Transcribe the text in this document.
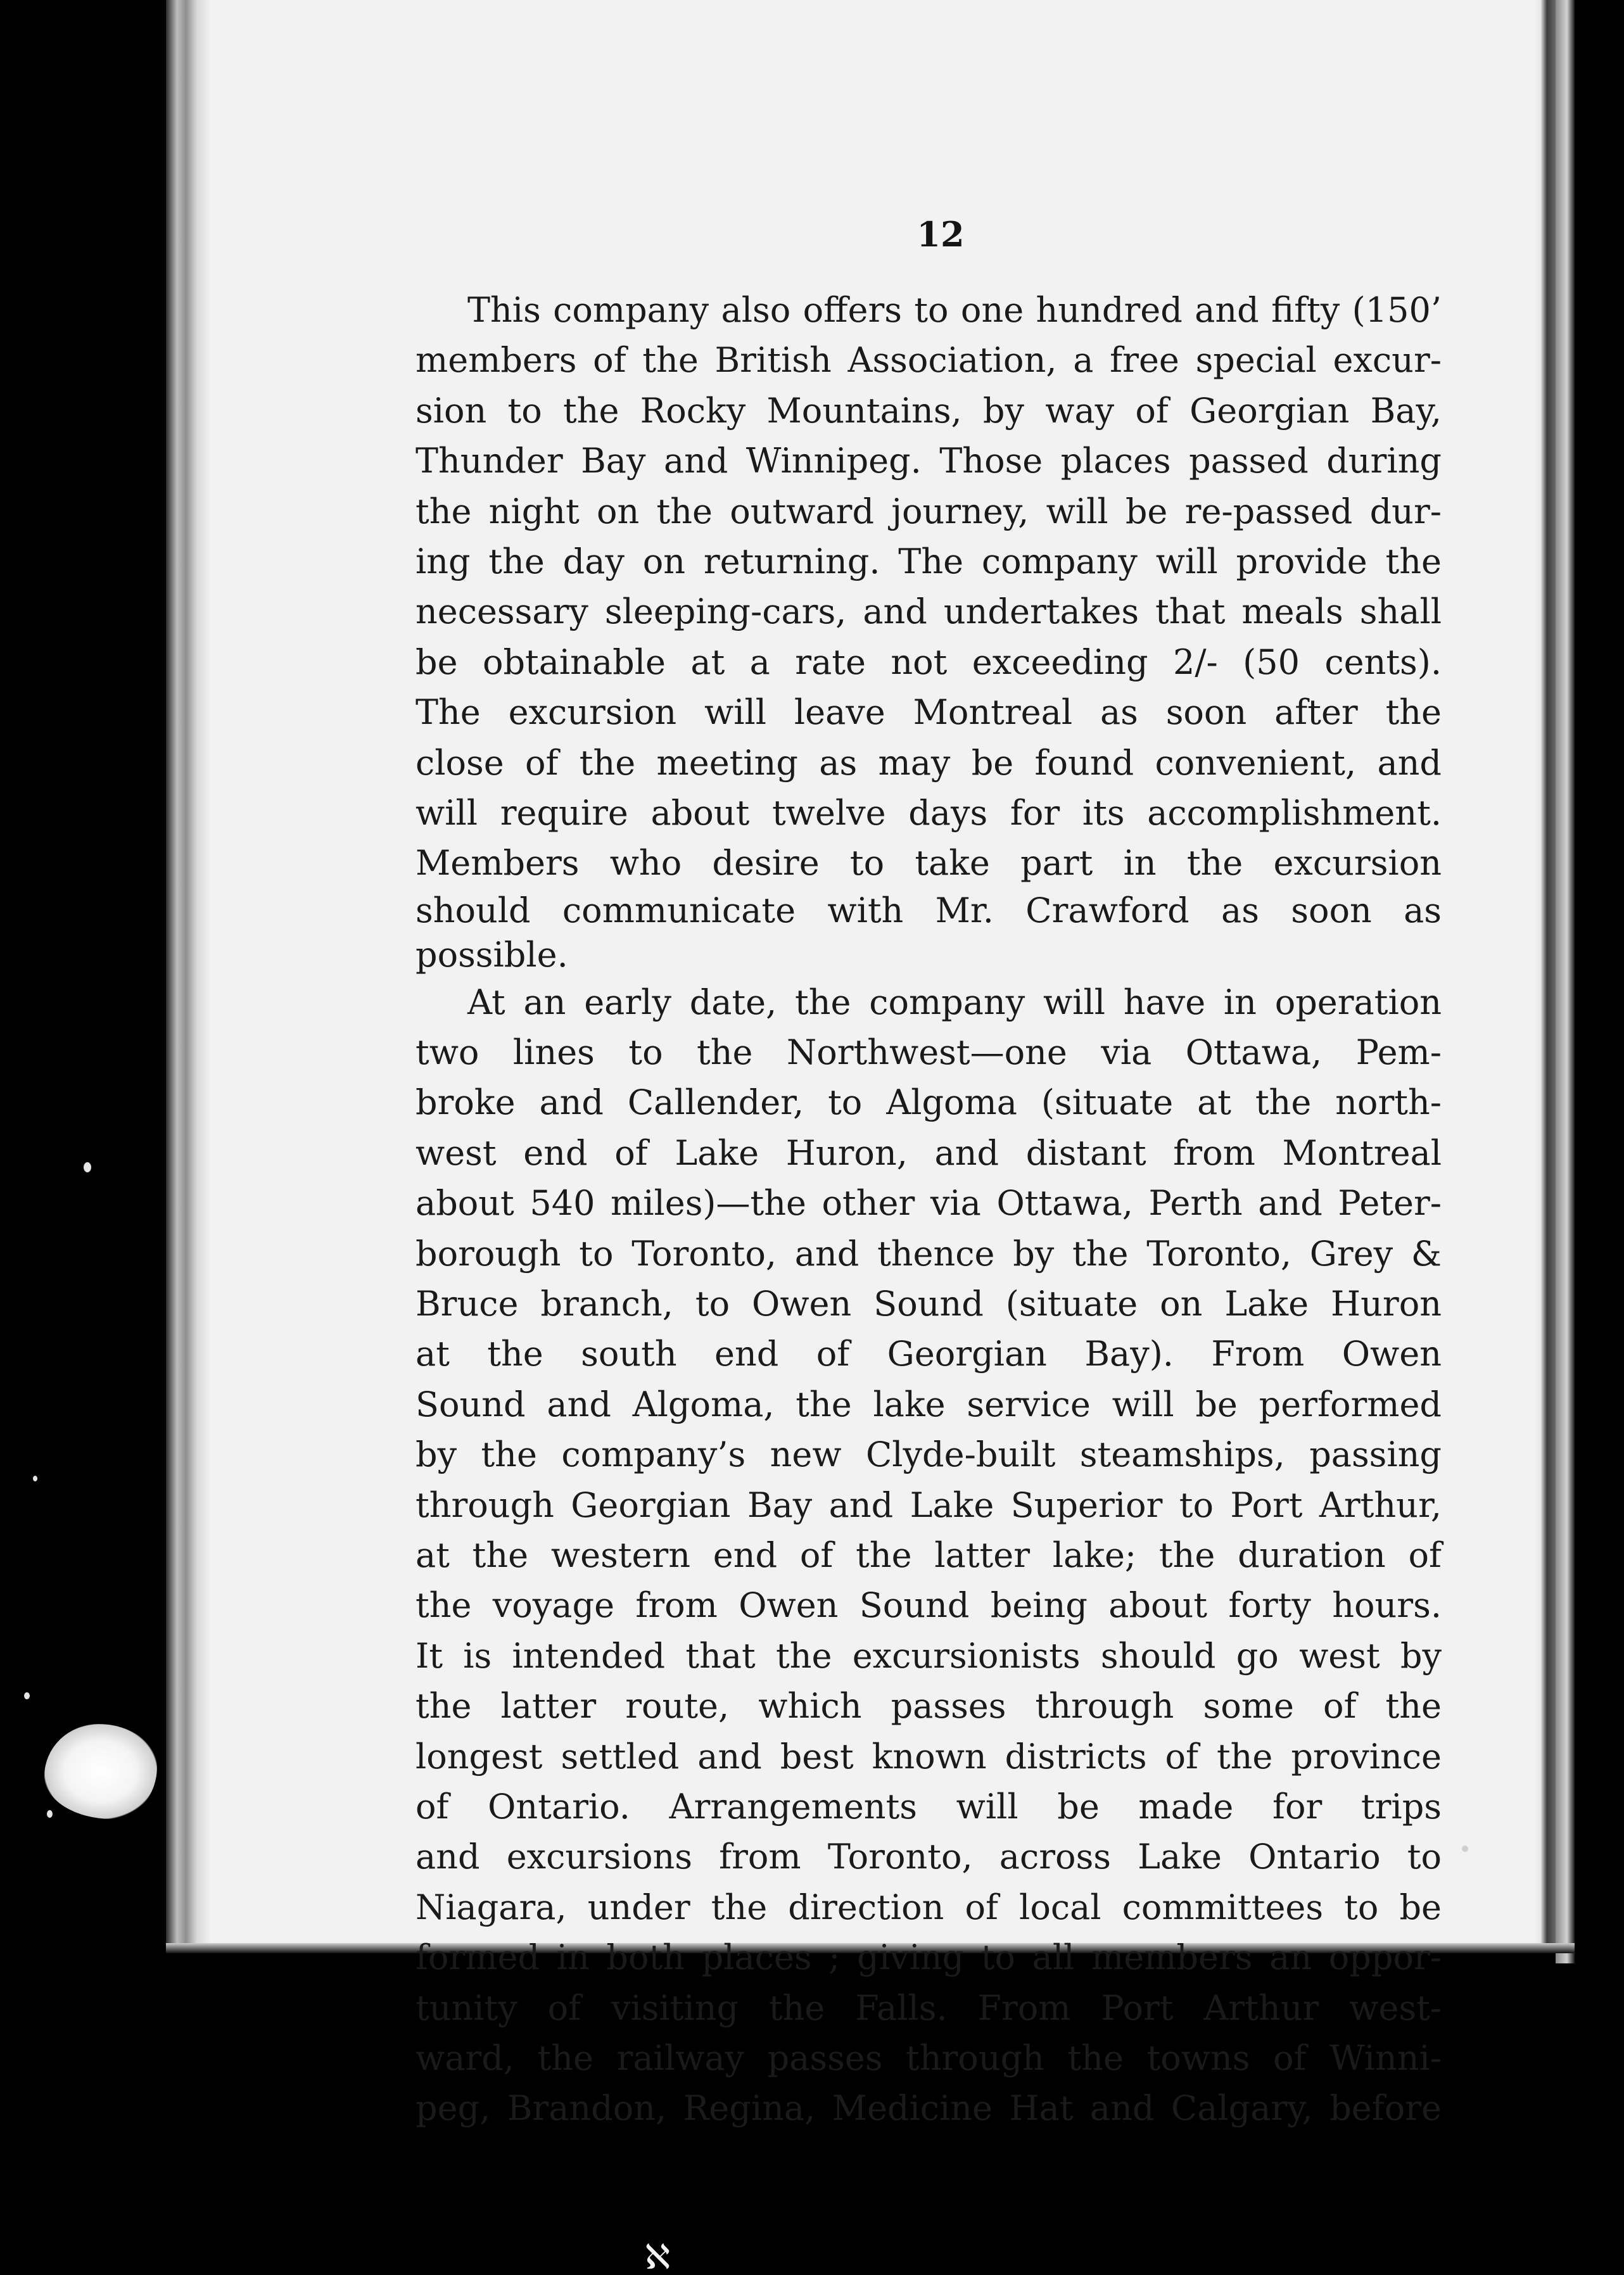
ℵ
12
This company also offers to one hundred and fifty (150’
members of the British Association, a free special excur-
sion to the Rocky Mountains, by way of Georgian Bay,
Thunder Bay and Winnipeg. Those places passed during
the night on the outward journey, will be re-passed dur-
ing the day on returning. The company will provide the
necessary sleeping-cars, and undertakes that meals shall
be obtainable at a rate not exceeding 2/- (50 cents).
The excursion will leave Montreal as soon after the
close of the meeting as may be found convenient, and
will require about twelve days for its accomplishment.
Members who desire to take part in the excursion
should communicate with Mr. Crawford as soon as
possible.
At an early date, the company will have in operation
two lines to the Northwest—one via Ottawa, Pem-
broke and Callender, to Algoma (situate at the north-
west end of Lake Huron, and distant from Montreal
about 540 miles)—the other via Ottawa, Perth and Peter-
borough to Toronto, and thence by the Toronto, Grey &
Bruce branch, to Owen Sound (situate on Lake Huron
at the south end of Georgian Bay). From Owen
Sound and Algoma, the lake service will be performed
by the company’s new Clyde-built steamships, passing
through Georgian Bay and Lake Superior to Port Arthur,
at the western end of the latter lake; the duration of
the voyage from Owen Sound being about forty hours.
It is intended that the excursionists should go west by
the latter route, which passes through some of the
longest settled and best known districts of the province
of Ontario. Arrangements will be made for trips
and excursions from Toronto, across Lake Ontario to
Niagara, under the direction of local committees to be
formed in both places ; giving to all members an oppor-
tunity of visiting the Falls. From Port Arthur west-
ward, the railway passes through the towns of Winni-
peg, Brandon, Regina, Medicine Hat and Calgary, before
